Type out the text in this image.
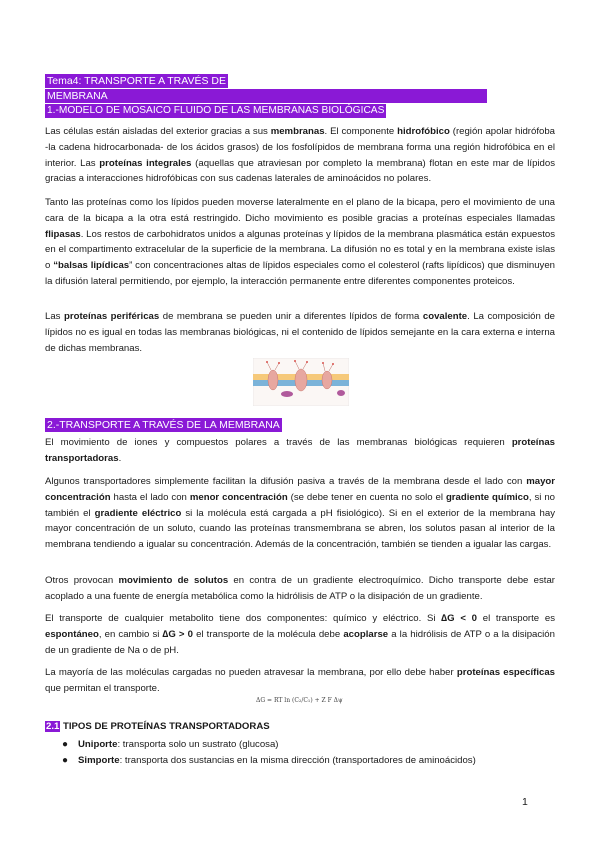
Tema4: TRANSPORTE A TRAVÉS DE
MEMBRANA
1.-MODELO DE MOSAICO FLUIDO DE LAS MEMBRANAS BIOLÓGICAS
Las células están aisladas del exterior gracias a sus membranas. El componente hidrofóbico (región apolar hidrófoba -la cadena hidrocarbonada- de los ácidos grasos) de los fosfolípidos de membrana forma una región hidrofóbica en el interior. Las proteínas integrales (aquellas que atraviesan por completo la membrana) flotan en este mar de lípidos gracias a interacciones hidrofóbicas con sus cadenas laterales de aminoácidos no polares.
Tanto las proteínas como los lípidos pueden moverse lateralmente en el plano de la bicapa, pero el movimiento de una cara de la bicapa a la otra está restringido. Dicho movimiento es posible gracias a proteínas especiales llamadas flipasas. Los restos de carbohidratos unidos a algunas proteínas y lípidos de la membrana plasmática están expuestos en el compartimento extracelular de la superficie de la membrana. La difusión no es total y en la membrana existe islas o “balsas lipídicas” con concentraciones altas de lípidos especiales como el colesterol (rafts lipídicos) que disminuyen la difusión lateral permitiendo, por ejemplo, la interacción permanente entre diferentes componentes proteicos.
Las proteínas periféricas de membrana se pueden unir a diferentes lípidos de forma covalente. La composición de lípidos no es igual en todas las membranas biológicas, ni el contenido de lípidos semejante en la cara externa e interna de dichas membranas.
2.-TRANSPORTE A TRAVÉS DE LA MEMBRANA
El movimiento de iones y compuestos polares a través de las membranas biológicas requieren proteínas transportadoras.
Algunos transportadores simplemente facilitan la difusión pasiva a través de la membrana desde el lado con mayor concentración hasta el lado con menor concentración (se debe tener en cuenta no solo el gradiente químico, si no también el gradiente eléctrico si la molécula está cargada a pH fisiológico). Si en el exterior de la membrana hay mayor concentración de un soluto, cuando las proteínas transmembrana se abren, los solutos pasan al interior de la membrana tendiendo a igualar su concentración. Además de la concentración, también se tienden a igualar las cargas.
Otros provocan movimiento de solutos en contra de un gradiente electroquímico. Dicho transporte debe estar acoplado a una fuente de energía metabólica como la hidrólisis de ATP o la disipación de un gradiente.
El transporte de cualquier metabolito tiene dos componentes: químico y eléctrico. Si ∆G < 0 el transporte es espontáneo, en cambio si ∆G > 0 el transporte de la molécula debe acoplarse a la hidrólisis de ATP o a la disipación de un gradiente de Na o de pH.
La mayoría de las moléculas cargadas no pueden atravesar la membrana, por ello debe haber proteínas específicas que permitan el transporte.
ΔG = RT ln (C₂/C₁) + Z F Δψ
2.1 TIPOS DE PROTEÍNAS TRANSPORTADORAS
● Uniporte: transporta solo un sustrato (glucosa)
● Simporte: transporta dos sustancias en la misma dirección (transportadores de aminoácidos)
1
